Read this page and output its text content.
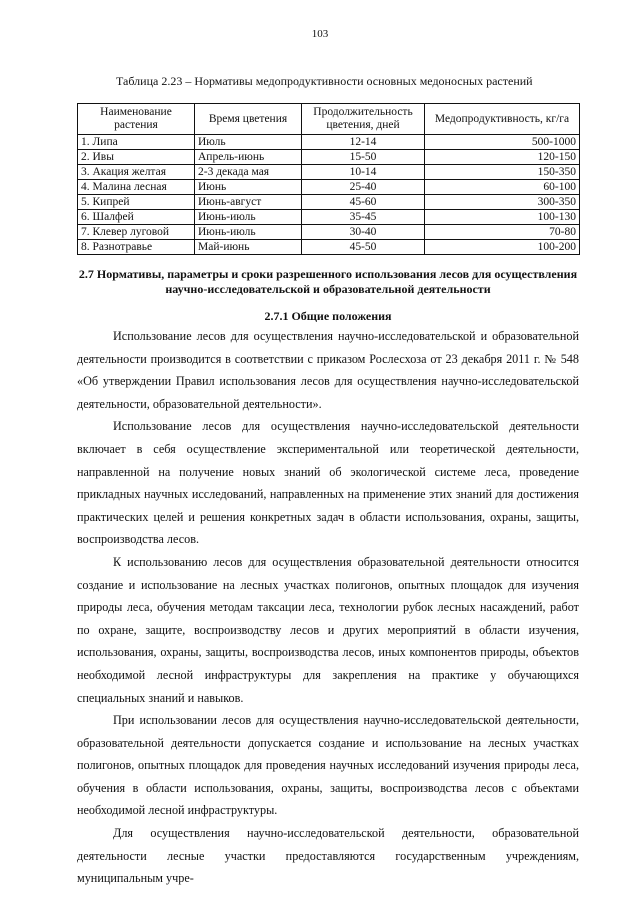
103
Таблица 2.23 – Нормативы медопродуктивности основных медоносных растений
Наименование растения	Время цветения	Продолжительность цветения, дней	Медопродуктивность, кг/га
1. Липа	Июль	12-14	500-1000
2. Ивы	Апрель-июнь	15-50	120-150
3. Акация желтая	2-3 декада мая	10-14	150-350
4. Малина лесная	Июнь	25-40	60-100
5. Кипрей	Июнь-август	45-60	300-350
6. Шалфей	Июнь-июль	35-45	100-130
7. Клевер луговой	Июнь-июль	30-40	70-80
8. Разнотравье	Май-июнь	45-50	100-200
2.7 Нормативы, параметры и сроки разрешенного использования лесов для осуществления научно-исследовательской и образовательной деятельности
2.7.1 Общие положения

Использование лесов для осуществления научно-исследовательской и образовательной деятельности производится в соответствии с приказом Рослесхоза от 23 декабря 2011 г. № 548 «Об утверждении Правил использования лесов для осуществления научно-исследовательской деятельности, образовательной деятельности».

Использование лесов для осуществления научно-исследовательской деятельности включает в себя осуществление экспериментальной или теоретической деятельности, направленной на получение новых знаний об экологической системе леса, проведение прикладных научных исследований, направленных на применение этих знаний для достижения практических целей и решения конкретных задач в области использования, охраны, защиты, воспроизводства лесов.

К использованию лесов для осуществления образовательной деятельности относится создание и использование на лесных участках полигонов, опытных площадок для изучения природы леса, обучения методам таксации леса, технологии рубок лесных насаждений, работ по охране, защите, воспроизводству лесов и других мероприятий в области изучения, использования, охраны, защиты, воспроизводства лесов, иных компонентов природы, объектов необходимой лесной инфраструктуры для закрепления на практике у обучающихся специальных знаний и навыков.

При использовании лесов для осуществления научно-исследовательской деятельности, образовательной деятельности допускается создание и использование на лесных участках полигонов, опытных площадок для проведения научных исследований изучения природы леса, обучения в области использования, охраны, защиты, воспроизводства лесов с объектами необходимой лесной инфраструктуры.

Для осуществления научно-исследовательской деятельности, образовательной деятельности лесные участки предоставляются государственным учреждениям, муниципальным учре-
